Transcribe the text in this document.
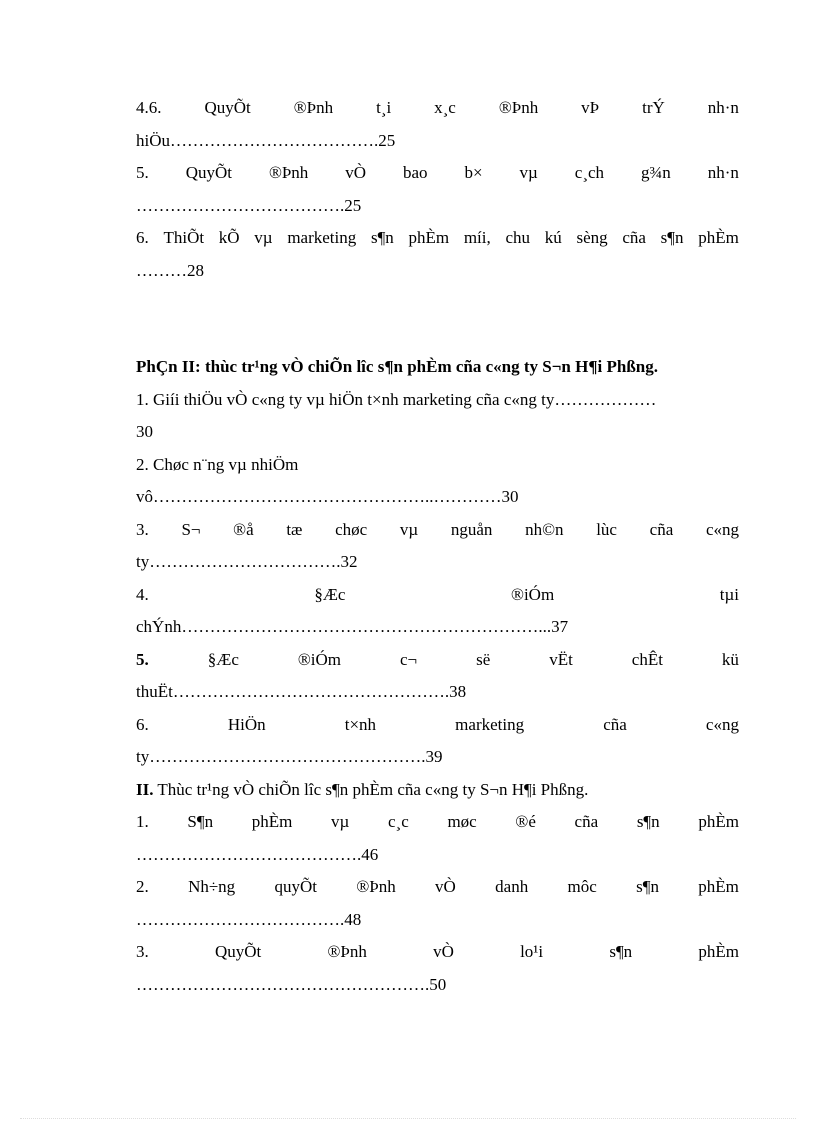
4.6.	QuyÕt	®Þnh	t¸i	x¸c	®Þnh	vÞ	trÝ	nh·n
hiÖu……………………………….25
5. QuyÕt ®Þnh vÒ bao b× vµ c¸ch g¾n nh·n
……………………………….25
6. ThiÕt kÕ vµ marketing s¶n phÈm míi, chu kú sèng cña s¶n phÈm
………28
PhÇn II: thùc tr¹ng vÒ chiÕn lîc s¶n phÈm cña c«ng ty S¬n H¶i Phßng.
1. Giíi thiÖu vÒ c«ng ty vµ hiÖn t×nh marketing cña c«ng ty………………
30
2. Chøc n¨ng vµ nhiÖm
vô…………………………………………..…………30
3. S¬ ®å tæ chøc vµ nguån nh©n lùc cña c«ng
ty…………………………….32
4.	§Æc	®iÓm	tµi
chÝnh………………………………………………………...37
5.	§Æc	®iÓm	c¬	së	vËt	chÊt	kü
thuËt………………………………………….38
6.	HiÖn	t×nh	marketing	cña	c«ng
ty………………………………………….39
II. Thùc tr¹ng vÒ chiÕn lîc s¶n phÈm cña c«ng ty S¬n H¶i Phßng.
1. S¶n phÈm vµ c¸c møc ®é cña s¶n phÈm
………………………………….46
2. Nh÷ng quyÕt ®Þnh vÒ danh môc s¶n phÈm
……………………………….48
3.	QuyÕt	®Þnh	vÒ	lo¹i	s¶n	phÈm
…………………………………………….50
